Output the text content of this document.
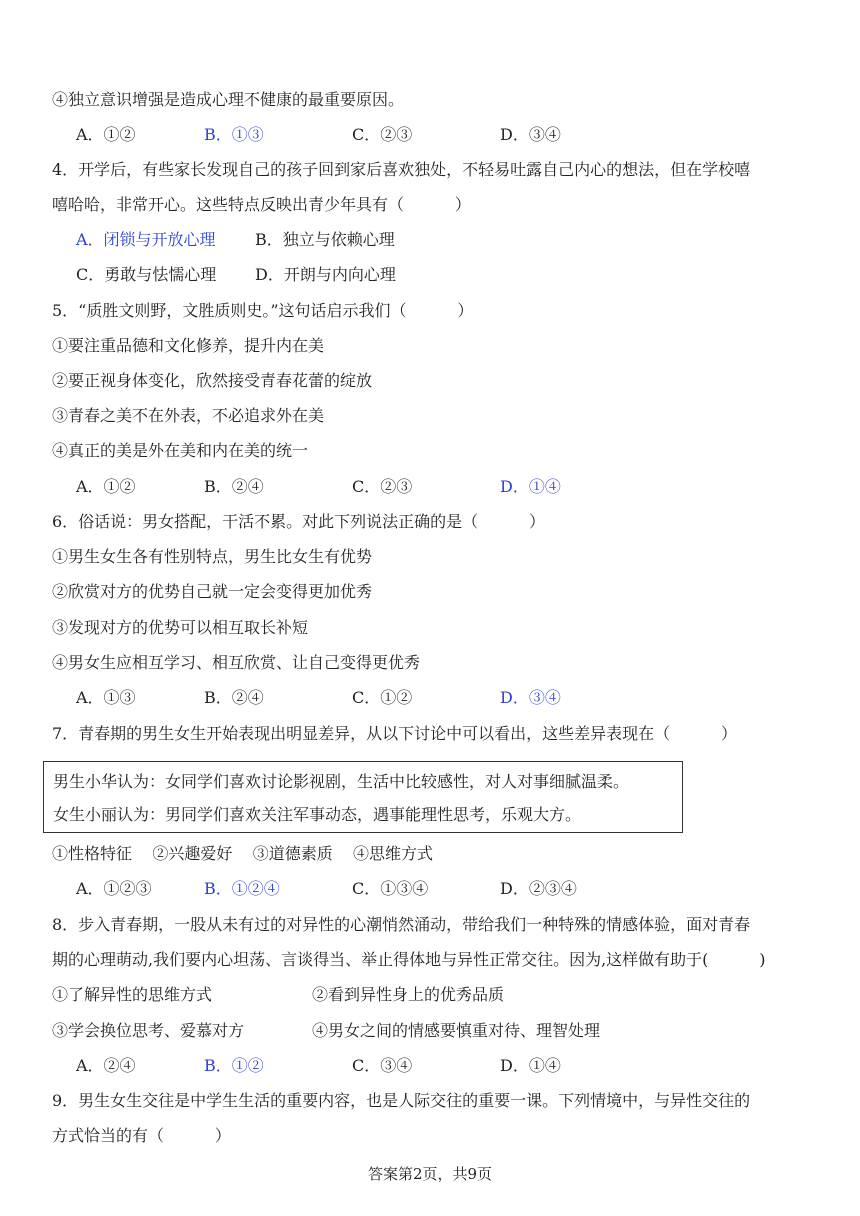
④独立意识增强是造成心理不健康的最重要原因。
A．①②	B．①③	C．②③	D．③④
4．开学后，有些家长发现自己的孩子回到家后喜欢独处，不轻易吐露自己内心的想法，但在学校嘻
嘻哈哈，非常开心。这些特点反映出青少年具有（          ）
A．闭锁与开放心理 B．独立与依赖心理
C．勇敢与怯懦心理 D．开朗与内向心理
5．“质胜文则野，文胜质则史。”这句话启示我们（          ）
①要注重品德和文化修养，提升内在美
②要正视身体变化，欣然接受青春花蕾的绽放
③青春之美不在外表，不必追求外在美
④真正的美是外在美和内在美的统一
A．①②	B．②④	C．②③	D．①④
6．俗话说：男女搭配，干活不累。对此下列说法正确的是（          ）
①男生女生各有性别特点，男生比女生有优势
②欣赏对方的优势自己就一定会变得更加优秀
③发现对方的优势可以相互取长补短
④男女生应相互学习、相互欣赏、让自己变得更优秀
A．①③	B．②④	C．①②	D．③④
7．青春期的男生女生开始表现出明显差异，从以下讨论中可以看出，这些差异表现在（          ）
男生小华认为：女同学们喜欢讨论影视剧，生活中比较感性，对人对事细腻温柔。
女生小丽认为：男同学们喜欢关注军事动态，遇事能理性思考，乐观大方。
①性格特征    ②兴趣爱好    ③道德素质    ④思维方式
A．①②③	B．①②④	C．①③④	D．②③④
8．步入青春期，一股从未有过的对异性的心潮悄然涌动，带给我们一种特殊的情感体验，面对青春
期的心理萌动,我们要内心坦荡、言谈得当、举止得体地与异性正常交往。因为,这样做有助于(          )
①了解异性的思维方式	②看到异性身上的优秀品质
③学会换位思考、爱慕对方	④男女之间的情感要慎重对待、理智处理
A．②④	B．①②	C．③④	D．①④
9．男生女生交往是中学生生活的重要内容，也是人际交往的重要一课。下列情境中，与异性交往的
方式恰当的有（          ）
答案第2页，共9页
